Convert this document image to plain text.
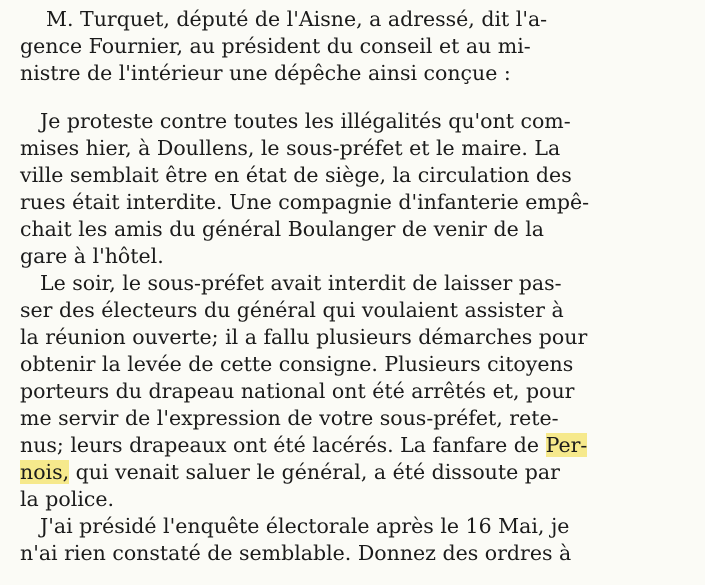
M. Turquet, député de l'Aisne, a adressé, dit l'a-
gence Fournier, au président du conseil et au mi-
nistre de l'intérieur une dépêche ainsi conçue :
Je proteste contre toutes les illégalités qu'ont com-
mises hier, à Doullens, le sous-préfet et le maire. La
ville semblait être en état de siège, la circulation des
rues était interdite. Une compagnie d'infanterie empê-
chait les amis du général Boulanger de venir de la
gare à l'hôtel.
Le soir, le sous-préfet avait interdit de laisser pas-
ser des électeurs du général qui voulaient assister à
la réunion ouverte; il a fallu plusieurs démarches pour
obtenir la levée de cette consigne. Plusieurs citoyens
porteurs du drapeau national ont été arrêtés et, pour
me servir de l'expression de votre sous-préfet, rete-
nus; leurs drapeaux ont été lacérés. La fanfare de Per-
nois, qui venait saluer le général, a été dissoute par
la police.
J'ai présidé l'enquête électorale après le 16 Mai, je
n'ai rien constaté de semblable. Donnez des ordres à
